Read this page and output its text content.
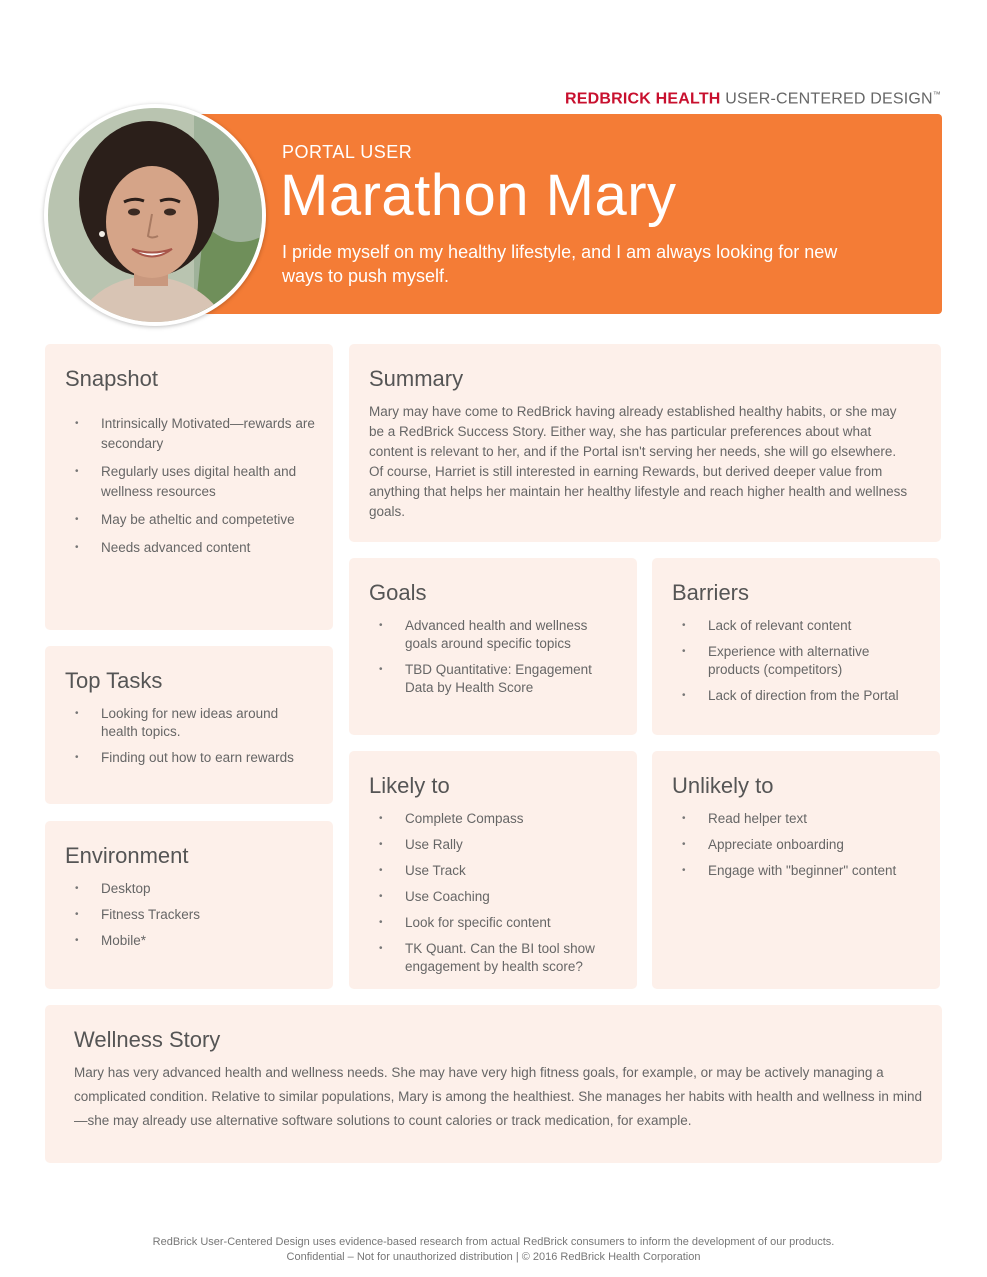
REDBRICK HEALTH USER-CENTERED DESIGN™
PORTAL USER
Marathon Mary
I pride myself on my healthy lifestyle, and I am always looking for new ways to push myself.
Snapshot
• Intrinsically Motivated—rewards are secondary
• Regularly uses digital health and wellness resources
• May be atheltic and competetive
• Needs advanced content
Summary

Mary may have come to RedBrick having already established healthy habits, or she may be a RedBrick Success Story. Either way, she has particular preferences about what content is relevant to her, and if the Portal isn't serving her needs, she will go elsewhere. Of course, Harriet is still interested in earning Rewards, but derived deeper value from anything that helps her maintain her healthy lifestyle and reach higher health and wellness goals.

Top Tasks
• Looking for new ideas around health topics.
• Finding out how to earn rewards
Goals
• Advanced health and wellness goals around specific topics
• TBD Quantitative: Engagement Data by Health Score
Barriers
• Lack of relevant content
• Experience with alternative products (competitors)
• Lack of direction from the Portal
Environment
• Desktop
• Fitness Trackers
• Mobile*
Likely to
• Complete Compass
• Use Rally
• Use Track
• Use Coaching
• Look for specific content
• TK Quant. Can the BI tool show engagement by health score?
Unlikely to
• Read helper text
• Appreciate onboarding
• Engage with "beginner" content
Wellness Story

Mary has very advanced health and wellness needs. She may have very high fitness goals, for example, or may be actively managing a complicated condition. Relative to similar populations, Mary is among the healthiest. She manages her habits with health and wellness in mind—she may already use alternative software solutions to count calories or track medication, for example.

RedBrick User-Centered Design uses evidence-based research from actual RedBrick consumers to inform the development of our products.
Confidential – Not for unauthorized distribution | © 2016 RedBrick Health Corporation
